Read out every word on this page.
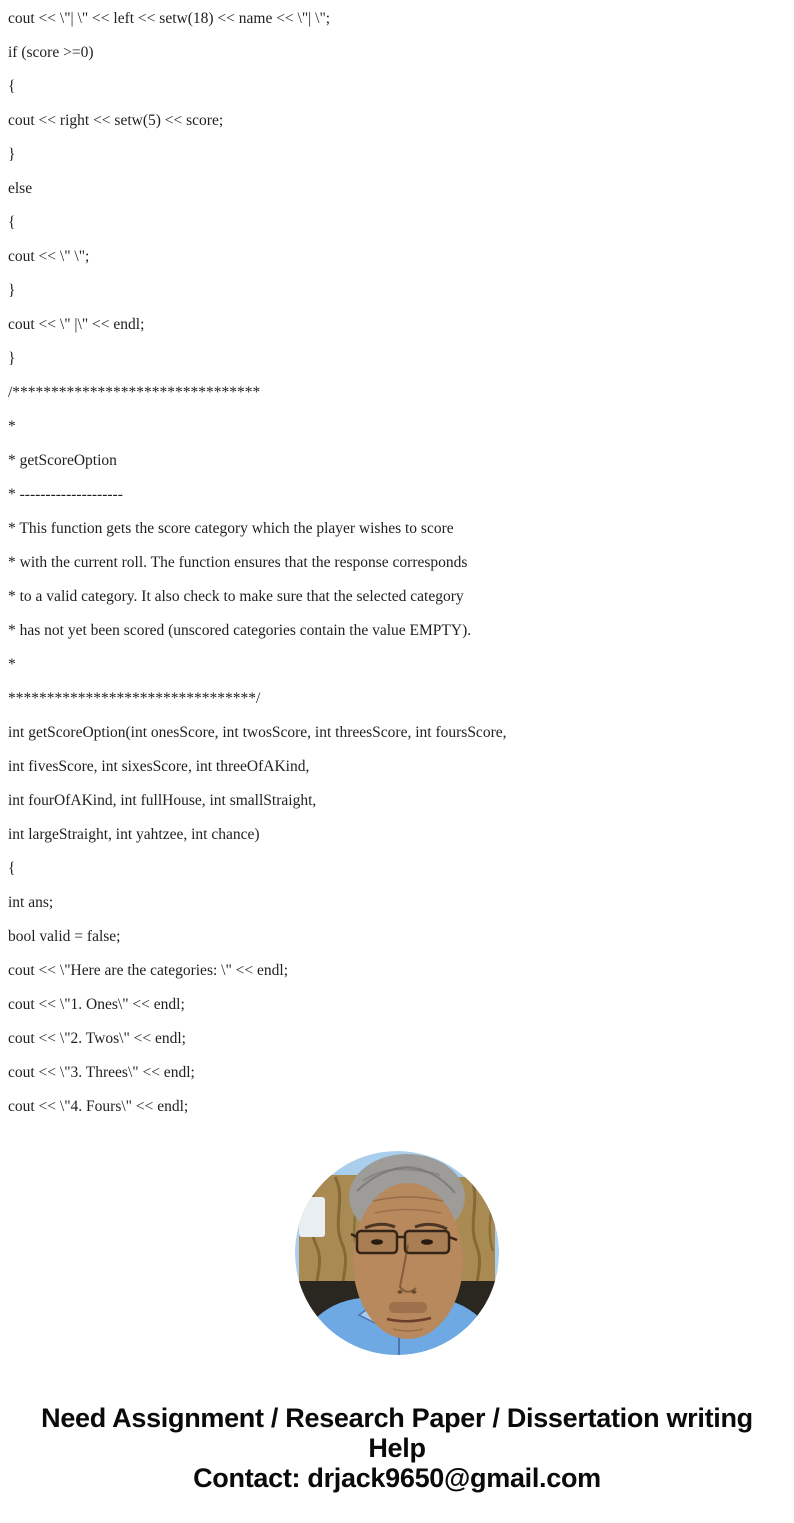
cout << \"| \" << left << setw(18) << name << \"| \";
if (score >=0)
{
cout << right << setw(5) << score;
}
else
{
cout << \" \";
}
cout << \" |\" << endl;
}
/********************************
*
* getScoreOption
* --------------------
* This function gets the score category which the player wishes to score
* with the current roll. The function ensures that the response corresponds
* to a valid category. It also check to make sure that the selected category
* has not yet been scored (unscored categories contain the value EMPTY).
*
********************************/
int getScoreOption(int onesScore, int twosScore, int threesScore, int foursScore,
int fivesScore, int sixesScore, int threeOfAKind,
int fourOfAKind, int fullHouse, int smallStraight,
int largeStraight, int yahtzee, int chance)
{
int ans;
bool valid = false;
cout << \"Here are the categories: \" << endl;
cout << \"1. Ones\" << endl;
cout << \"2. Twos\" << endl;
cout << \"3. Threes\" << endl;
cout << \"4. Fours\" << endl;
Need Assignment / Research Paper / Dissertation writing Help
Contact: drjack9650@gmail.com
